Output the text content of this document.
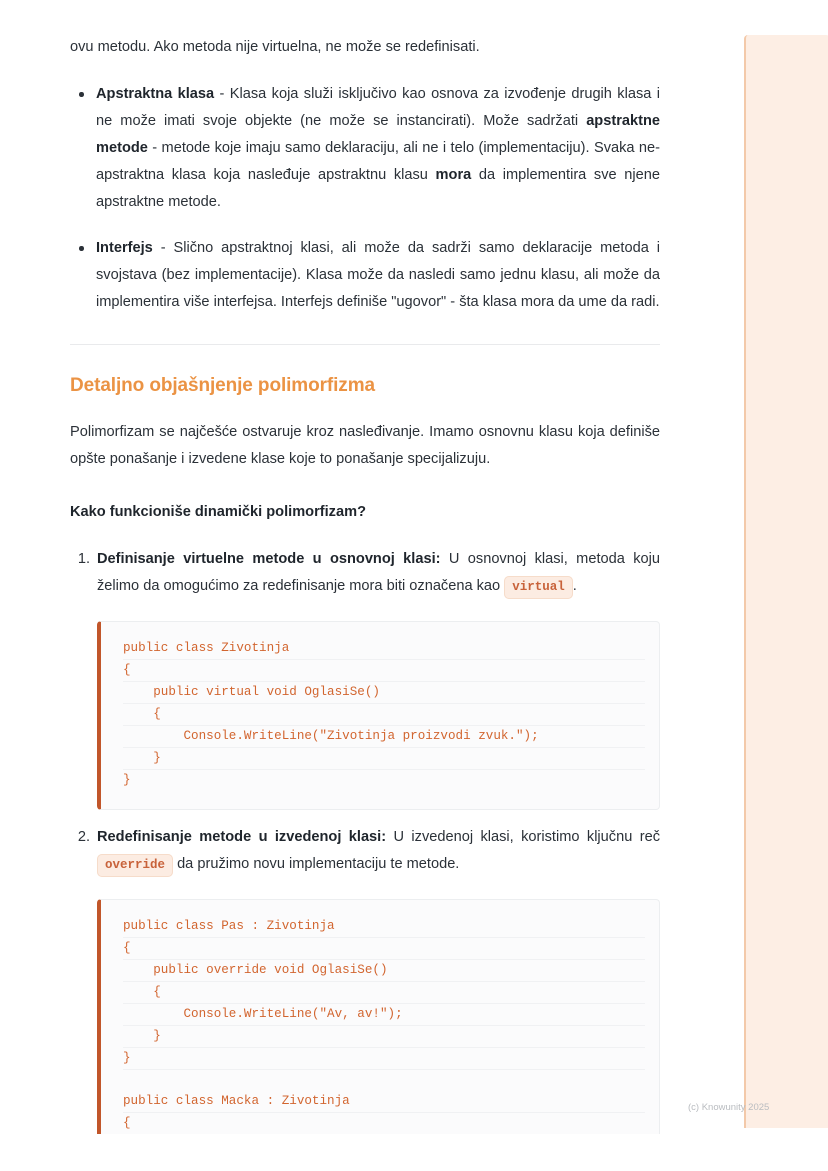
ovu metodu. Ako metoda nije virtuelna, ne može se redefinisati.

Apstraktna klasa - Klasa koja služi isključivo kao osnova za izvođenje drugih klasa i ne može imati svoje objekte (ne može se instancirati). Može sadržati apstraktne metode - metode koje imaju samo deklaraciju, ali ne i telo (implementaciju). Svaka ne-apstraktna klasa koja nasleđuje apstraktnu klasu mora da implementira sve njene apstraktne metode.
Interfejs - Slično apstraktnoj klasi, ali može da sadrži samo deklaracije metoda i svojstava (bez implementacije). Klasa može da nasledi samo jednu klasu, ali može da implementira više interfejsa. Interfejs definiše "ugovor" - šta klasa mora da ume da radi.
Detaljno objašnjenje polimorfizma

Polimorfizam se najčešće ostvaruje kroz nasleđivanje. Imamo osnovnu klasu koja definiše opšte ponašanje i izvedene klase koje to ponašanje specijalizuju.

Kako funkcioniše dinamički polimorfizam?
1. Definisanje virtuelne metode u osnovnoj klasi: U osnovnoj klasi, metoda koju želimo da omogućimo za redefinisanje mora biti označena kao virtual .
public class Zivotinja
{
public virtual void OglasiSe()
{
Console.WriteLine("Zivotinja proizvodi zvuk.");
}
}
2. Redefinisanje metode u izvedenoj klasi: U izvedenoj klasi, koristimo ključnu reč override da pružimo novu implementaciju te metode.
public class Pas : Zivotinja
{
public override void OglasiSe()
{
Console.WriteLine("Av, av!");
}
}
public class Macka : Zivotinja
{
(c) Knowunity 2025
